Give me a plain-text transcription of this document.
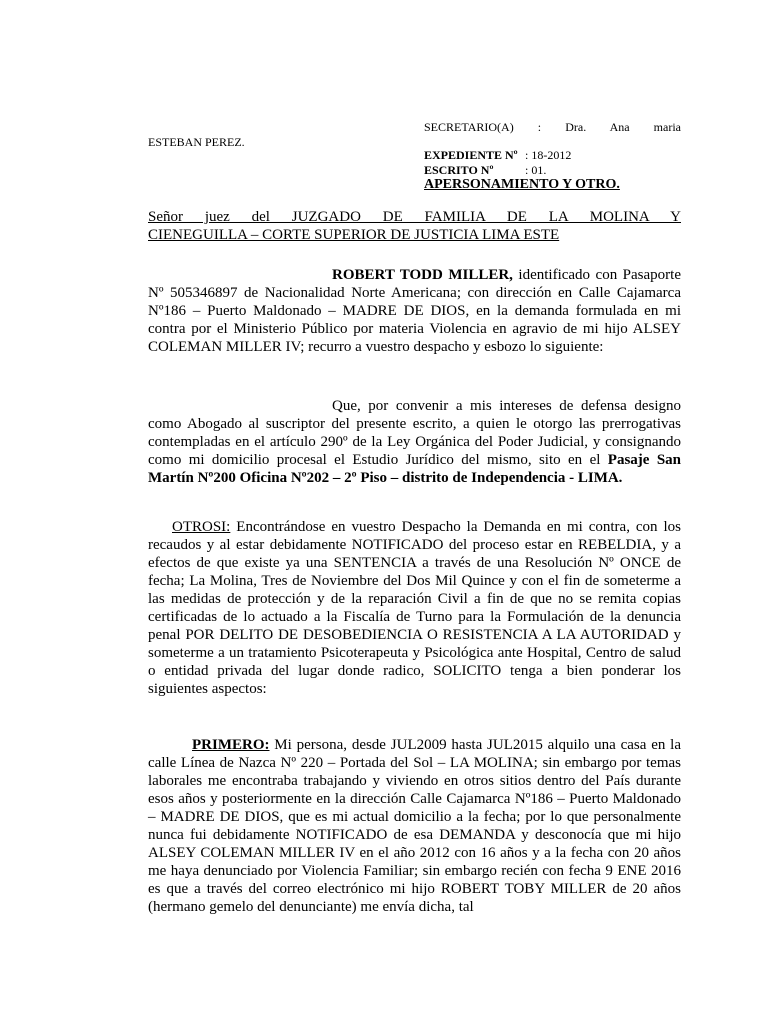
SECRETARIO(A) : Dra. Ana maria
ESTEBAN PEREZ.
EXPEDIENTE Nº : 18-2012
ESCRITO Nº	: 01.
APERSONAMIENTO Y OTRO.
Señor juez del JUZGADO DE FAMILIA DE LA MOLINA Y
CIENEGUILLA – CORTE SUPERIOR DE JUSTICIA LIMA ESTE
ROBERT TODD MILLER, identificado con Pasaporte Nº 505346897 de Nacionalidad Norte Americana; con dirección en Calle Cajamarca Nº186 – Puerto Maldonado – MADRE DE DIOS, en la demanda formulada en mi contra por el Ministerio Público por materia Violencia en agravio de mi hijo ALSEY COLEMAN MILLER IV; recurro a vuestro despacho y esbozo lo siguiente:
Que, por convenir a mis intereses de defensa designo como Abogado al suscriptor del presente escrito, a quien le otorgo las prerrogativas contempladas en el artículo 290º de la Ley Orgánica del Poder Judicial, y consignando como mi domicilio procesal el Estudio Jurídico del mismo, sito en el Pasaje San Martín Nº200 Oficina Nº202 – 2º Piso – distrito de Independencia - LIMA.
OTROSI: Encontrándose en vuestro Despacho la Demanda en mi contra, con los recaudos y al estar debidamente NOTIFICADO del proceso estar en REBELDIA, y a efectos de que existe ya una SENTENCIA a través de una Resolución Nº ONCE de fecha; La Molina, Tres de Noviembre del Dos Mil Quince y con el fin de someterme a las medidas de protección y de la reparación Civil a fin de que no se remita copias certificadas de lo actuado a la Fiscalía de Turno para la Formulación de la denuncia penal POR DELITO DE DESOBEDIENCIA O RESISTENCIA A LA AUTORIDAD y someterme a un tratamiento Psicoterapeuta y Psicológica ante Hospital, Centro de salud o entidad privada del lugar donde radico, SOLICITO tenga a bien ponderar los siguientes aspectos:
PRIMERO: Mi persona, desde JUL2009 hasta JUL2015 alquilo una casa en la calle Línea de Nazca Nº 220 – Portada del Sol – LA MOLINA; sin embargo por temas laborales me encontraba trabajando y viviendo en otros sitios dentro del País durante esos años y posteriormente en la dirección Calle Cajamarca Nº186 – Puerto Maldonado – MADRE DE DIOS, que es mi actual domicilio a la fecha; por lo que personalmente nunca fui debidamente NOTIFICADO de esa DEMANDA y desconocía que mi hijo ALSEY COLEMAN MILLER IV en el año 2012 con 16 años y a la fecha con 20 años me haya denunciado por Violencia Familiar; sin embargo recién con fecha 9 ENE 2016 es que a través del correo electrónico mi hijo ROBERT TOBY MILLER de 20 años (hermano gemelo del denunciante) me envía dicha, tal
